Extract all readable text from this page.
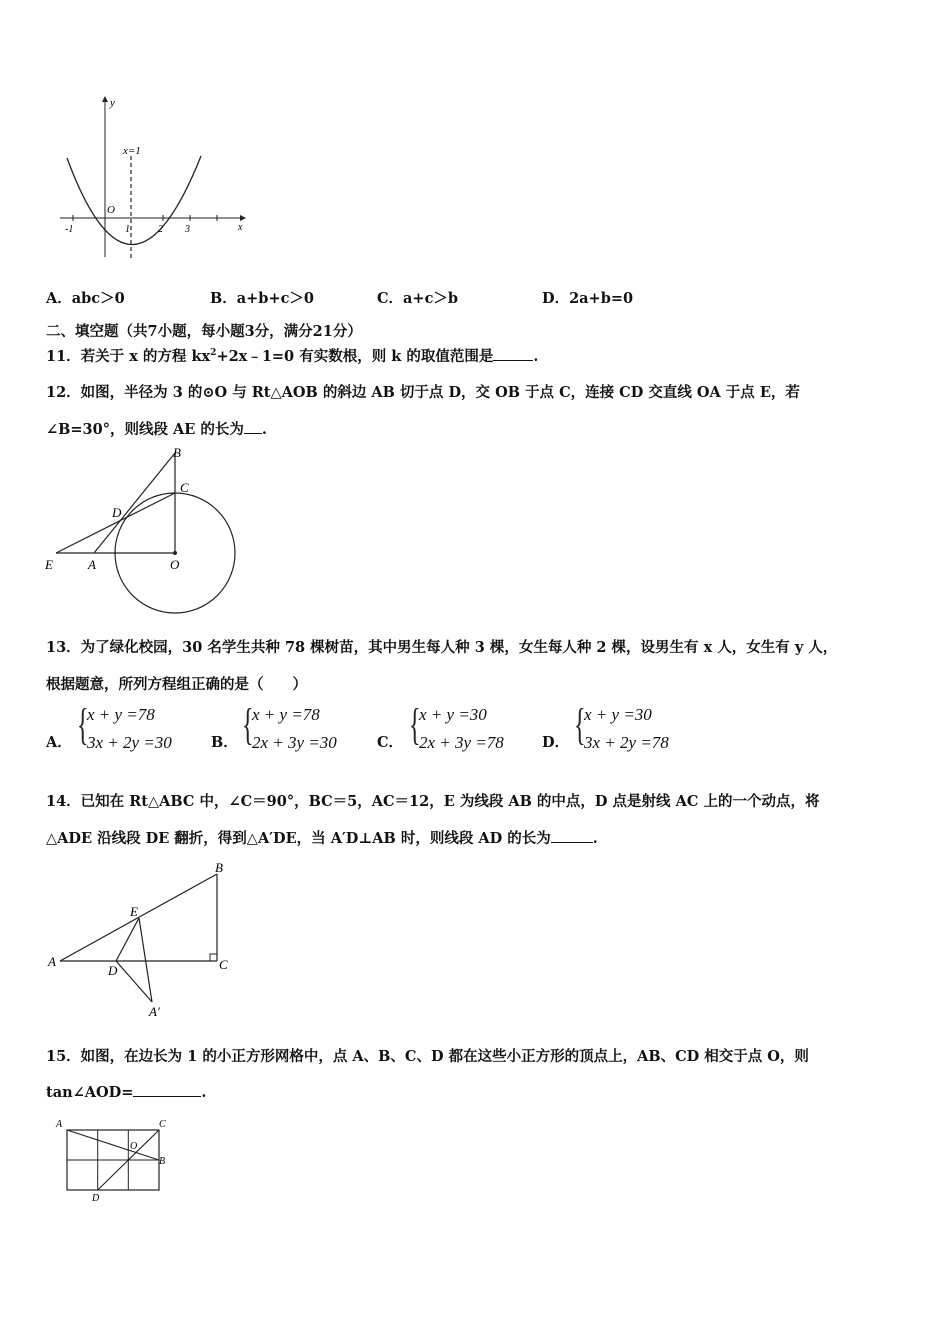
y
x
x=1
O
-1	1	2 3
A．abc＞0	B．a+b+c＞0	C．a+c＞b	D．2a+b=0
二、填空题（共7小题，每小题3分，满分21分）
11．若关于 x 的方程 $kx^2+2x﹣1=0$ 有实数根，则 k 的取值范围是	.
12．如图，半径为 3 的⊙O 与 Rt△AOB 的斜边 AB 切于点 D，交 OB 于点 C，连接 CD 交直线 OA 于点 E，若
∠B=30°，则线段 AE 的长为 .
B
C
D
E	A	O
13．为了绿化校园，30 名学生共种 78 棵树苗，其中男生每人种 3 棵，女生每人种 2 棵，设男生有 x 人，女生有 y 人，
根据题意，所列方程组正确的是（　　）
A． {
x + y =78
3x + 2y =30	B． {
x + y =78
2x + 3y =30	C． {
x + y =30
2x + 3y =78	D． {
x + y =30
3x + 2y =78
14．已知在 Rt△ABC 中，∠C＝90°，BC＝5，AC＝12，E 为线段 AB 的中点，D 点是射线 AC 上的一个动点，将
△ADE 沿线段 DE 翻折，得到△A′DE，当 A′D⊥AB 时，则线段 AD 的长为	.
A
B
C
D
E
A′
15．如图，在边长为 1 的小正方形网格中，点 A、B、C、D 都在这些小正方形的顶点上，AB、CD 相交于点 O，则
tan∠AOD=	.
A	C
B
O
D
